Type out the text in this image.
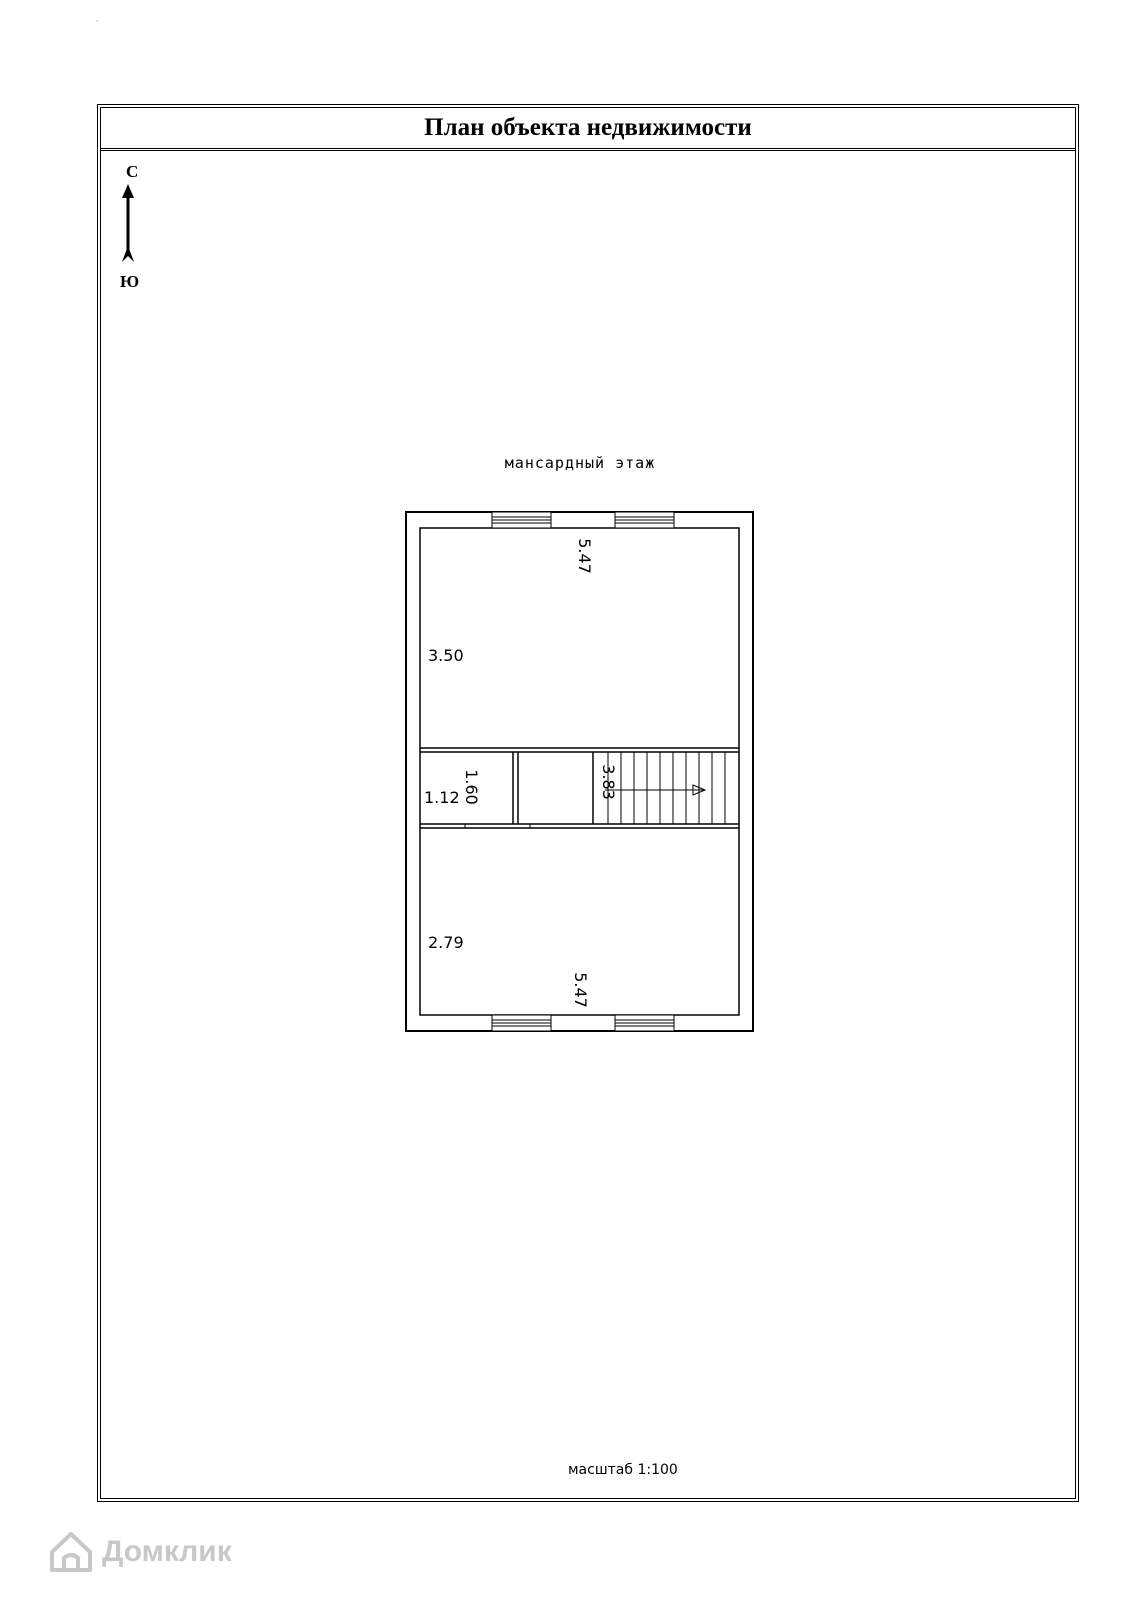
План объекта недвижимости
С
Ю
мансардный этаж
5.47
3.50
1.12 1.60	3.83
2.79
5.47
масштаб 1:100
Домклик
